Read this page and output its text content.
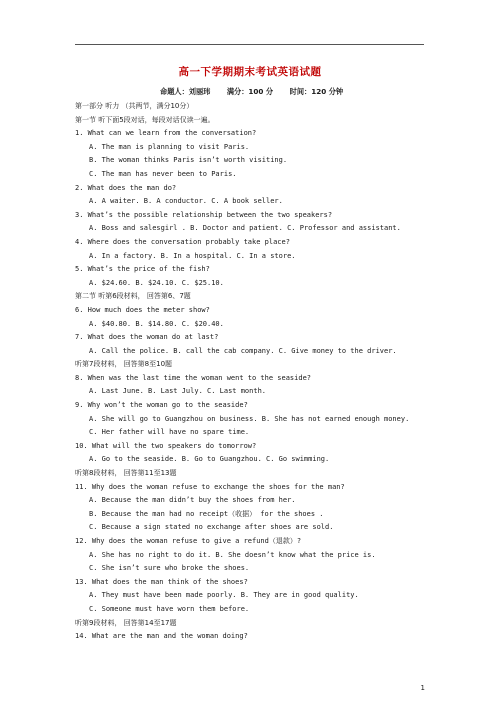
高一下学期期末考试英语试题
命题人：刘丽玮 满分：100 分 时间：120 分钟
第一部分 听力 （共两节，满分10分）
第一节 听下面5段对话，每段对话仅读一遍。
1. What can we learn from the conversation?
A. The man is planning to visit Paris.
B. The woman thinks Paris isn’t worth visiting.
C. The man has never been to Paris.
2. What does the man do?
A. A waiter. B. A conductor. C. A book seller.
3. What’s the possible relationship between the two speakers?
A. Boss and salesgirl . B. Doctor and patient. C. Professor and assistant.
4. Where does the conversation probably take place?
A. In a factory. B. In a hospital. C. In a store.
5. What’s the price of the fish?
A. $24.60. B. $24.10. C. $25.10.
第二节 听第6段材料， 回答第6、7题
6. How much does the meter show?
A. $40.80. B. $14.80. C. $20.40.
7. What does the woman do at last?
A. Call the police. B. call the cab company. C. Give money to the driver.
听第7段材料， 回答第8至10题
8. When was the last time the woman went to the seaside?
A. Last June. B. Last July. C. Last month.
9. Why won’t the woman go to the seaside?
A. She will go to Guangzhou on business. B. She has not earned enough money.
C. Her father will have no spare time.
10. What will the two speakers do tomorrow?
A. Go to the seaside. B. Go to Guangzhou. C. Go swimming.
听第8段材料， 回答第11至13题
11. Why does the woman refuse to exchange the shoes for the man?
A. Because the man didn’t buy the shoes from her.
B. Because the man had no receipt（收据） for the shoes .
C. Because a sign stated no exchange after shoes are sold.
12. Why does the woman refuse to give a refund（退款）?
A. She has no right to do it. B. She doesn’t know what the price is.
C. She isn’t sure who broke the shoes.
13. What does the man think of the shoes?
A. They must have been made poorly. B. They are in good quality.
C. Someone must have worn them before.
听第9段材料， 回答第14至17题
14. What are the man and the woman doing?
1
